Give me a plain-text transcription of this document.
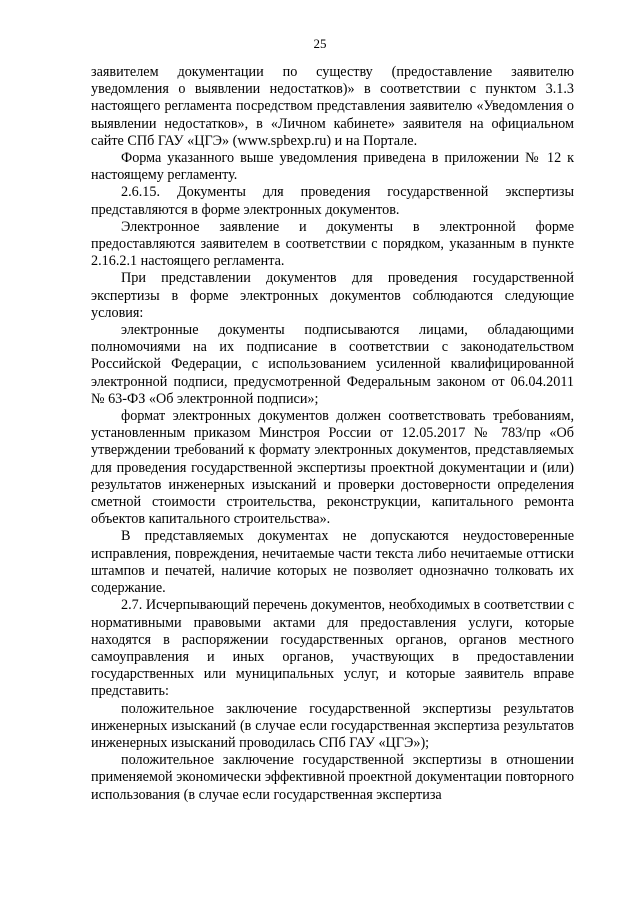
25

заявителем документации по существу (предоставление заявителю уведомления о выявлении недостатков)» в соответствии с пунктом 3.1.3 настоящего регламента посредством представления заявителю «Уведомления о выявлении недостатков», в «Личном кабинете» заявителя на официальном сайте СПб ГАУ «ЦГЭ» (www.spbexp.ru) и на Портале.

Форма указанного выше уведомления приведена в приложении № 12 к настоящему регламенту.

2.6.15. Документы для проведения государственной экспертизы представляются в форме электронных документов.

Электронное заявление и документы в электронной форме предоставляются заявителем в соответствии с порядком, указанным в пункте 2.16.2.1 настоящего регламента.

При представлении документов для проведения государственной экспертизы в форме электронных документов соблюдаются следующие условия:

электронные документы подписываются лицами, обладающими полномочиями на их подписание в соответствии с законодательством Российской Федерации, с использованием усиленной квалифицированной электронной подписи, предусмотренной Федеральным законом от 06.04.2011 № 63-ФЗ «Об электронной подписи»;

формат электронных документов должен соответствовать требованиям, установленным приказом Минстроя России от 12.05.2017 № 783/пр «Об утверждении требований к формату электронных документов, представляемых для проведения государственной экспертизы проектной документации и (или) результатов инженерных изысканий и проверки достоверности определения сметной стоимости строительства, реконструкции, капитального ремонта объектов капитального строительства».

В представляемых документах не допускаются неудостоверенные исправления, повреждения, нечитаемые части текста либо нечитаемые оттиски штампов и печатей, наличие которых не позволяет однозначно толковать их содержание.

2.7. Исчерпывающий перечень документов, необходимых в соответствии с нормативными правовыми актами для предоставления услуги, которые находятся в распоряжении государственных органов, органов местного самоуправления и иных органов, участвующих в предоставлении государственных или муниципальных услуг, и которые заявитель вправе представить:

положительное заключение государственной экспертизы результатов инженерных изысканий (в случае если государственная экспертиза результатов инженерных изысканий проводилась СПб ГАУ «ЦГЭ»);

положительное заключение государственной экспертизы в отношении применяемой экономически эффективной проектной документации повторного использования (в случае если государственная экспертиза
